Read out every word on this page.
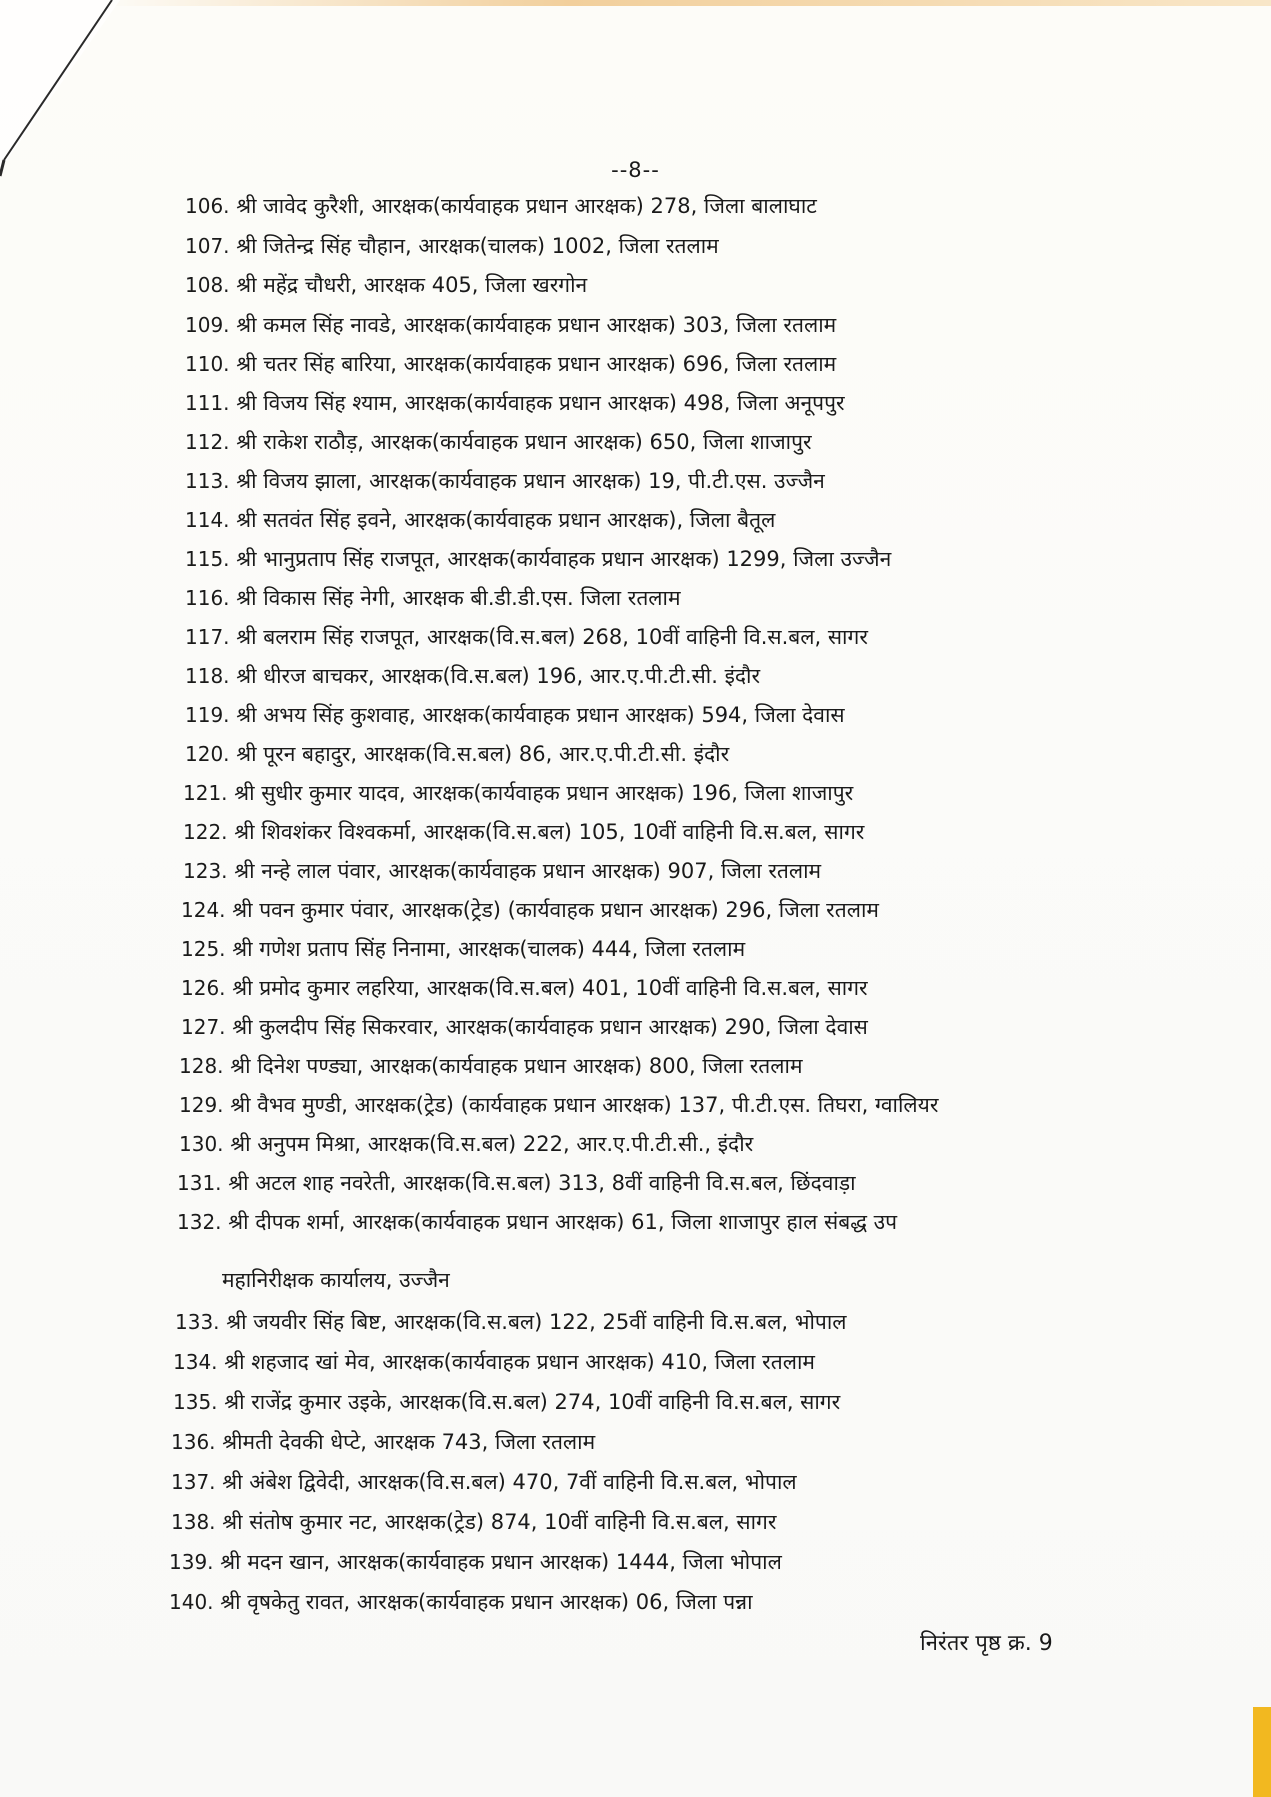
--8--
106. श्री जावेद कुरैशी, आरक्षक(कार्यवाहक प्रधान आरक्षक) 278, जिला बालाघाट
107. श्री जितेन्द्र सिंह चौहान, आरक्षक(चालक) 1002, जिला रतलाम
108. श्री महेंद्र चौधरी, आरक्षक 405, जिला खरगोन
109. श्री कमल सिंह नावडे, आरक्षक(कार्यवाहक प्रधान आरक्षक) 303, जिला रतलाम
110. श्री चतर सिंह बारिया, आरक्षक(कार्यवाहक प्रधान आरक्षक) 696, जिला रतलाम
111. श्री विजय सिंह श्याम, आरक्षक(कार्यवाहक प्रधान आरक्षक) 498, जिला अनूपपुर
112. श्री राकेश राठौड़, आरक्षक(कार्यवाहक प्रधान आरक्षक) 650, जिला शाजापुर
113. श्री विजय झाला, आरक्षक(कार्यवाहक प्रधान आरक्षक) 19, पी.टी.एस. उज्जैन
114. श्री सतवंत सिंह इवने, आरक्षक(कार्यवाहक प्रधान आरक्षक), जिला बैतूल
115. श्री भानुप्रताप सिंह राजपूत, आरक्षक(कार्यवाहक प्रधान आरक्षक) 1299, जिला उज्जैन
116. श्री विकास सिंह नेगी, आरक्षक बी.डी.डी.एस. जिला रतलाम
117. श्री बलराम सिंह राजपूत, आरक्षक(वि.स.बल) 268, 10वीं वाहिनी वि.स.बल, सागर
118. श्री धीरज बाचकर, आरक्षक(वि.स.बल) 196, आर.ए.पी.टी.सी. इंदौर
119. श्री अभय सिंह कुशवाह, आरक्षक(कार्यवाहक प्रधान आरक्षक) 594, जिला देवास
120. श्री पूरन बहादुर, आरक्षक(वि.स.बल) 86, आर.ए.पी.टी.सी. इंदौर
121. श्री सुधीर कुमार यादव, आरक्षक(कार्यवाहक प्रधान आरक्षक) 196, जिला शाजापुर
122. श्री शिवशंकर विश्वकर्मा, आरक्षक(वि.स.बल) 105, 10वीं वाहिनी वि.स.बल, सागर
123. श्री नन्हे लाल पंवार, आरक्षक(कार्यवाहक प्रधान आरक्षक) 907, जिला रतलाम
124. श्री पवन कुमार पंवार, आरक्षक(ट्रेड) (कार्यवाहक प्रधान आरक्षक) 296, जिला रतलाम
125. श्री गणेश प्रताप सिंह निनामा, आरक्षक(चालक) 444, जिला रतलाम
126. श्री प्रमोद कुमार लहरिया, आरक्षक(वि.स.बल) 401, 10वीं वाहिनी वि.स.बल, सागर
127. श्री कुलदीप सिंह सिकरवार, आरक्षक(कार्यवाहक प्रधान आरक्षक) 290, जिला देवास
128. श्री दिनेश पण्ड्या, आरक्षक(कार्यवाहक प्रधान आरक्षक) 800, जिला रतलाम
129. श्री वैभव मुण्डी, आरक्षक(ट्रेड) (कार्यवाहक प्रधान आरक्षक) 137, पी.टी.एस. तिघरा, ग्वालियर
130. श्री अनुपम मिश्रा, आरक्षक(वि.स.बल) 222, आर.ए.पी.टी.सी., इंदौर
131. श्री अटल शाह नवरेती, आरक्षक(वि.स.बल) 313, 8वीं वाहिनी वि.स.बल, छिंदवाड़ा
132. श्री दीपक शर्मा, आरक्षक(कार्यवाहक प्रधान आरक्षक) 61, जिला शाजापुर हाल संबद्ध उप
महानिरीक्षक कार्यालय, उज्जैन
133. श्री जयवीर सिंह बिष्ट, आरक्षक(वि.स.बल) 122, 25वीं वाहिनी वि.स.बल, भोपाल
134. श्री शहजाद खां मेव, आरक्षक(कार्यवाहक प्रधान आरक्षक) 410, जिला रतलाम
135. श्री राजेंद्र कुमार उइके, आरक्षक(वि.स.बल) 274, 10वीं वाहिनी वि.स.बल, सागर
136. श्रीमती देवकी धेप्टे, आरक्षक 743, जिला रतलाम
137. श्री अंबेश द्विवेदी, आरक्षक(वि.स.बल) 470, 7वीं वाहिनी वि.स.बल, भोपाल
138. श्री संतोष कुमार नट, आरक्षक(ट्रेड) 874, 10वीं वाहिनी वि.स.बल, सागर
139. श्री मदन खान, आरक्षक(कार्यवाहक प्रधान आरक्षक) 1444, जिला भोपाल
140. श्री वृषकेतु रावत, आरक्षक(कार्यवाहक प्रधान आरक्षक) 06, जिला पन्ना
निरंतर पृष्ठ क्र. 9
